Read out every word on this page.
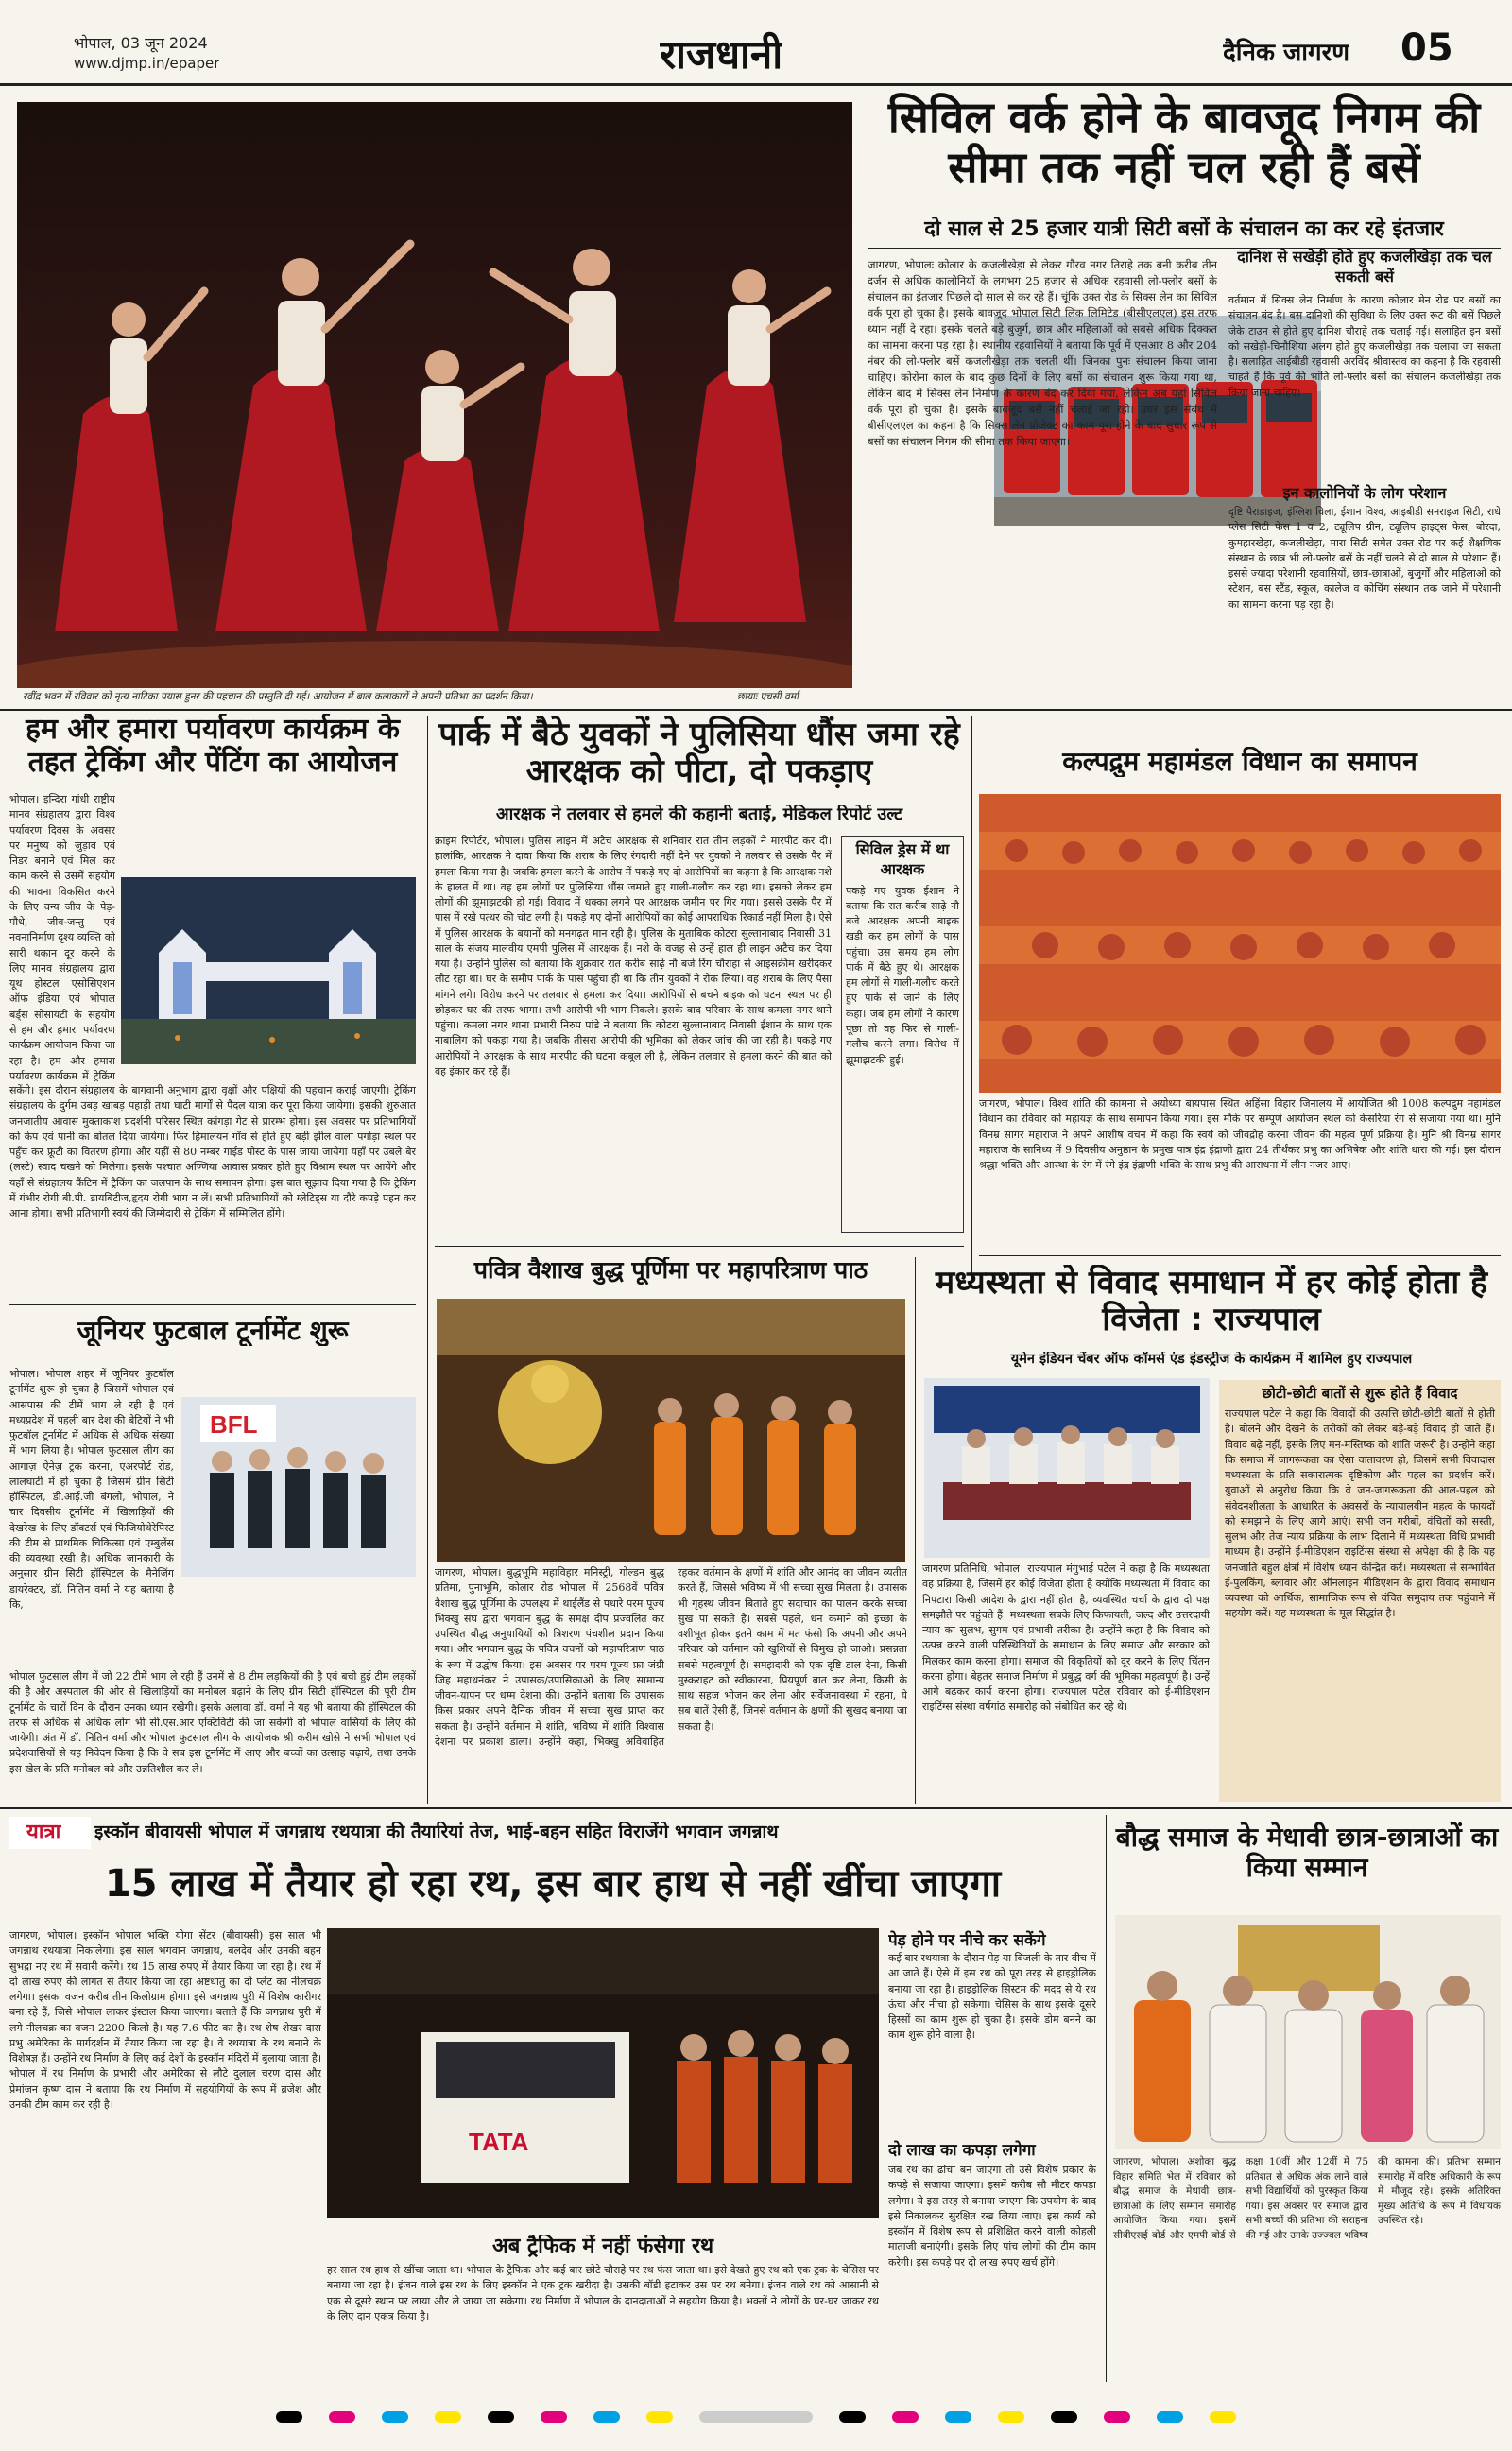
भोपाल, 03 जून 2024
www.djmp.in/epaper	राजधानी	दैनिक जागरण 05
रवींद्र भवन में रविवार को नृत्य नाटिका प्रयास हुनर की पहचान की प्रस्तुति दी गई। आयोजन में बाल कलाकारों ने अपनी प्रतिभा का प्रदर्शन किया।	छायाः एचसी वर्मा
सिविल वर्क होने के बावजूद निगम की सीमा तक नहीं चल रही हैं बसें
दो साल से 25 हजार यात्री सिटी बसों के संचालन का कर रहे इंतजार
जागरण, भोपालः कोलार के कजलीखेड़ा से लेकर गौरव नगर तिराहे तक बनी करीब तीन दर्जन से अधिक कालोनियों के लगभग 25 हजार से अधिक रहवासी लो-फ्लोर बसों के संचालन का इंतजार पिछले दो साल से कर रहे हैं। चूंकि उक्त रोड के सिक्स लेन का सिविल वर्क पूरा हो चुका है। इसके बावजूद भोपाल सिटी लिंक लिमिटेड (बीसीएलएल) इस तरफ ध्यान नहीं दे रहा। इसके चलते बड़े बुजुर्ग, छात्र और महिलाओं को सबसे अधिक दिक्कत का सामना करना पड़ रहा है। स्थानीय रहवासियों ने बताया कि पूर्व में एसआर 8 और 204 नंबर की लो-फ्लोर बसें कजलीखेड़ा तक चलती थीं। जिनका पुनः संचालन किया जाना चाहिए। कोरोना काल के बाद कुछ दिनों के लिए बसों का संचालन शुरू किया गया था, लेकिन बाद में सिक्स लेन निर्माण के कारण बंद कर दिया गया, लेकिन अब यहां सिविल वर्क पूरा हो चुका है। इसके बावजूद बसें नहीं चलाई जा रही। उधर इस संबंध में बीसीएलएल का कहना है कि सिक्स लेन प्रोजेक्ट का काम पूरा होने के बाद सुधार रूप से बसों का संचालन निगम की सीमा तक किया जाएगा।
दानिश से सखेड़ी होते हुए कजलीखेड़ा तक चल सकती बसें
वर्तमान में सिक्स लेन निर्माण के कारण कोलार मेन रोड पर बसों का संचालन बंद है। बस दानिशों की सुविधा के लिए उक्त रूट की बसें पिछले जेके टाउन से होते हुए दानिश चौराहे तक चलाई गई। सलाहित इन बसों को सखेड़ी-चिनौशिया अलग होते हुए कजलीखेड़ा तक चलाया जा सकता है। सलाहित आईबीडी रहवासी अरविंद श्रीवास्तव का कहना है कि रहवासी चाहते हैं कि पूर्व की भांति लो-फ्लोर बसों का संचालन कजलीखेड़ा तक किया जाना चाहिए।
इन कालोनियों के लोग परेशान
दृष्टि पैराडाइज, इंग्लिश विला, ईशान विश्व, आइबीडी सनराइज सिटी, राधे प्लेस सिटी फेस 1 व 2, ट्यूलिप ग्रीन, ट्यूलिप हाइट्स फेस, बोरदा, कुमहारखेड़ा, कजलीखेड़ा, मारा सिटी समेत उक्त रोड पर कई शैक्षणिक संस्थान के छात्र भी लो-फ्लोर बसें के नहीं चलने से दो साल से परेशान हैं। इससे ज्यादा परेशानी रहवासियों, छात्र-छात्राओं, बुजुर्गों और महिलाओं को स्टेशन, बस स्टैंड, स्कूल, कालेज व कोचिंग संस्थान तक जाने में परेशानी का सामना करना पड़ रहा है।
हम और हमारा पर्यावरण कार्यक्रम के तहत ट्रेकिंग और पेंटिंग का आयोजन
भोपाल। इन्दिरा गांधी राष्ट्रीय मानव संग्रहालय द्वारा विश्व पर्यावरण दिवस के अवसर पर मनुष्य को जुड़ाव एवं निडर बनाने एवं मिल कर काम करने से उसमें सहयोग की भावना विकसित करने के लिए वन्य जीव के पेड़-पौधे, जीव-जन्तु एवं नवनानिर्माण दृश्य व्यक्ति को सारी थकान दूर करने के लिए मानव संग्रहालय द्वारा यूथ होस्टल एसोसिएशन ऑफ इंडिया एवं भोपाल बर्ड्स सोसायटी के सहयोग से हम और हमारा पर्यावरण कार्यक्रम आयोजन किया जा रहा है। हम और हमारा पर्यावरण कार्यक्रम में ट्रेकिंग
सकेंगे। इस दौरान संग्रहालय के बागवानी अनुभाग द्वारा वृक्षों और पक्षियों की पहचान कराई जाएगी। ट्रेकिंग संग्रहालय के दुर्गम उबड़ खाबड़ पहाड़ी तथा घाटी मार्गों से पैदल यात्रा कर पूरा किया जायेगा। इसकी शुरुआत जनजातीय आवास मुक्ताकाश प्रदर्शनी परिसर स्थित कांगड़ा गेट से प्रारम्भ होगा। इस अवसर पर प्रतिभागियों को केप एवं पानी का बोतल दिया जायेगा। फिर हिमालयन गाँव से होते हुए बड़ी झील वाला पगोड़ा स्थल पर पहुँच कर फ्रूटी का वितरण होगा। और यहीं से 80 नम्बर गाईड पोस्ट के पास जाया जायेगा यहाँ पर उबले बेर (लस्टे) स्वाद चखने को मिलेगा। इसके पश्चात अण्णिया आवास प्रकार होते हुए विश्राम स्थल पर आयेंगे और यहाँ से संग्रहालय कैंटिन में ट्रैकिंग का जलपान के साथ समापन होगा। इस बात सूझाव दिया गया है कि ट्रेकिंग में गंभीर रोगी बी.पी. डायबिटीज,हृदय रोगी भाग न लें। सभी प्रतिभागियों को ग्लेटिड्स या दौरे कपड़े पहन कर आना होगा। सभी प्रतिभागी स्वयं की जिम्मेदारी से ट्रेकिंग में सम्मिलित होंगे।
जूनियर फुटबाल टूर्नामेंट शुरू
BFL
भोपाल। भोपाल शहर में जूनियर फुटबॉल टूर्नामेंट शुरू हो चुका है जिसमें भोपाल एवं आसपास की टीमें भाग ले रही है एवं मध्यप्रदेश में पहली बार देश की बेटियों ने भी फुटबॉल टूर्नामेंट में अधिक से अधिक संख्या में भाग लिया है। भोपाल फुटसाल लीग का आगाज़ ऐनेज़ ट्रक करना, एअरपोर्ट रोड, लालघाटी में हो चुका है जिसमें ग्रीन सिटी हॉस्पिटल, डी.आई.जी बंगलो, भोपाल, ने चार दिवसीय टूर्नामेंट में खिलाड़ियों की देखरेख के लिए डॉक्टर्स एवं फिजियोथेरेपिस्ट की टीम से प्राथमिक चिकित्सा एवं एम्बुलेंस की व्यवस्था रखी है। अधिक जानकारी के अनुसार ग्रीन सिटी हॉस्पिटल के मैनेजिंग डायरेक्टर, डॉ. नितिन वर्मा ने यह बताया है कि,
भोपाल फुटसाल लीग में जो 22 टीमें भाग ले रही हैं उनमें से 8 टीम लड़कियों की है एवं बची हुई टीम लड़कों की है और अस्पताल की ओर से खिलाड़ियों का मनोबल बढ़ाने के लिए ग्रीन सिटी हॉस्पिटल की पूरी टीम टूर्नामेंट के चारों दिन के दौरान उनका ध्यान रखेगी। इसके अलावा डॉ. वर्मा ने यह भी बताया की हॉस्पिटल की तरफ से अधिक से अधिक लोग भी सी.एस.आर एक्टिविटी की जा सकेगी वो भोपाल वासियों के लिए की जायेगी। अंत में डॉ. नितिन वर्मा और भोपाल फुटसाल लीग के आयोजक श्री करीम खोसे ने सभी भोपाल एवं प्रदेशवासियों से यह निवेदन किया है कि वे सब इस टूर्नामेंट में आए और बच्चों का उत्साह बढ़ाये, तथा उनके इस खेल के प्रति मनोबल को और उन्नतिशील कर ले।
पार्क में बैठे युवकों ने पुलिसिया धौंस जमा रहे आरक्षक को पीटा, दो पकड़ाए
आरक्षक ने तलवार से हमले की कहानी बताई, मेडिकल रिपोर्ट उल्ट
क्राइम रिपोर्टर, भोपाल। पुलिस लाइन में अटैच आरक्षक से शनिवार रात तीन लड़कों ने मारपीट कर दी। हालांकि, आरक्षक ने दावा किया कि शराब के लिए रंगदारी नहीं देने पर युवकों ने तलवार से उसके पैर में हमला किया गया है। जबकि हमला करने के आरोप में पकड़े गए दो आरोपियों का कहना है कि आरक्षक नशे के हालत में था। वह हम लोगों पर पुलिसिया धौंस जमाते हुए गाली-गलौच कर रहा था। इसको लेकर हम लोगों की झूमाझटकी हो गई। विवाद में धक्का लगने पर आरक्षक जमीन पर गिर गया। इससे उसके पैर में पास में रखे पत्थर की चोट लगी है। पकड़े गए दोनों आरोपियों का कोई आपराधिक रिकार्ड नहीं मिला है। ऐसे में पुलिस आरक्षक के बयानों को मनगढ़त मान रही है। पुलिस के मुताबिक कोटरा सुल्तानाबाद निवासी 31 साल के संजय मालवीय एमपी पुलिस में आरक्षक हैं। नशे के वजह से उन्हें हाल ही लाइन अटैच कर दिया गया है। उन्होंने पुलिस को बताया कि शुक्रवार रात करीब साढ़े नौ बजे रिंग चौराहा से आइसक्रीम खरीदकर लौट रहा था। घर के समीप पार्क के पास पहुंचा ही था कि तीन युवकों ने रोक लिया। वह शराब के लिए पैसा मांगने लगे। विरोध करने पर तलवार से हमला कर दिया। आरोपियों से बचने बाइक को घटना स्थल पर ही छोड़कर घर की तरफ भागा। तभी आरोपी भी भाग निकले। इसके बाद परिवार के साथ कमला नगर थाने पहुंचा। कमला नगर थाना प्रभारी निरुप पांडे ने बताया कि कोटरा सुल्तानाबाद निवासी ईशान के साथ एक नाबालिग को पकड़ा गया है। जबकि तीसरा आरोपी की भूमिका को लेकर जांच की जा रही है। पकड़े गए आरोपियों ने आरक्षक के साथ मारपीट की घटना कबूल ली है, लेकिन तलवार से हमला करने की बात को वह इंकार कर रहे हैं।
सिविल ड्रेस में था आरक्षक
पकड़े गए युवक ईशान ने बताया कि रात करीब साढ़े नौ बजे आरक्षक अपनी बाइक खड़ी कर हम लोगों के पास पहुंचा। उस समय हम लोग पार्क में बैठे हुए थे। आरक्षक हम लोगों से गाली-गलौच करते हुए पार्क से जाने के लिए कहा। जब हम लोगों ने कारण पूछा तो वह फिर से गाली-गलौच करने लगा। विरोध में झूमाझटकी हुई।
कल्पद्रुम महामंडल विधान का समापन
जागरण, भोपाल। विश्व शांति की कामना से अयोध्या बायपास स्थित अहिंसा विहार जिनालय में आयोजित श्री 1008 कल्पद्रुम महामंडल विधान का रविवार को महायज्ञ के साथ समापन किया गया। इस मौके पर सम्पूर्ण आयोजन स्थल को केसरिया रंग से सजाया गया था। मुनि विनम्र सागर महाराज ने अपने आशीष वचन में कहा कि स्वयं को जीवद्रोह करना जीवन की महत्व पूर्ण प्रक्रिया है। मुनि श्री विनम्र सागर महाराज के सानिध्य में 9 दिवसीय अनुष्ठान के प्रमुख पात्र इंद्र इंद्राणी द्वारा 24 तीर्थंकर प्रभु का अभिषेक और शांति धारा की गई। इस दौरान श्रद्धा भक्ति और आस्था के रंग में रंगे इंद्र इंद्राणी भक्ति के साथ प्रभु की आराधना में लीन नजर आए।
पवित्र वैशाख बुद्ध पूर्णिमा पर महापरित्राण पाठ
जागरण, भोपाल। बुद्धभूमि महाविहार मनिस्ट्री, गोल्डन बुद्ध प्रतिमा, पुनाभूमि, कोलार रोड भोपाल में 2568वें पवित्र वैशाख बुद्ध पूर्णिमा के उपलक्ष्य में थाईलैंड से पधारे परम पूज्य भिक्खु संघ द्वारा भगवान बुद्ध के समक्ष दीप प्रज्वलित कर उपस्थित बौद्ध अनुयायियों को त्रिशरण पंचशील प्रदान किया गया। और भगवान बुद्ध के पवित्र वचनों को महापरित्राण पाठ के रूप में उद्घोष किया। इस अवसर पर परम पूज्य फ्रा जंग्री जिह महाथनंकर ने उपासक/उपासिकाओं के लिए सामान्य जीवन-यापन पर धम्म देशना की। उन्होंने बताया कि उपासक किस प्रकार अपने दैनिक जीवन में सच्चा सुख प्राप्त कर सकता है। उन्होंने वर्तमान में शांति, भविष्य में शांति विश्वास देशना पर प्रकाश डाला। उन्होंने कहा, भिक्खु अविवाहित रहकर वर्तमान के क्षणों में शांति और आनंद का जीवन व्यतीत करते हैं, जिससे भविष्य में भी सच्चा सुख मिलता है। उपासक भी गृहस्थ जीवन बिताते हुए सदाचार का पालन करके सच्चा सुख पा सकते है। सबसे पहले, धन कमाने को इच्छा के वशीभूत होकर इतने काम में मत फंसो कि अपनी और अपने परिवार को वर्तमान को खुशियों से विमुख हो जाओ। प्रसन्नता सबसे महत्वपूर्ण है। समझदारी को एक दृष्टि डाल देना, किसी मुस्कराहट को स्वीकारना, प्रियपूर्ण बात कर लेना, किसी के साथ सहज भोजन कर लेना और सर्वेजनावस्था में रहना, ये सब बातें ऐसी हैं, जिनसे वर्तमान के क्षणों की सुखद बनाया जा सकता है।
मध्यस्थता से विवाद समाधान में हर कोई होता है विजेता : राज्यपाल
यूमेन इंडियन चेंबर ऑफ कॉमर्स एंड इंडस्ट्रीज के कार्यक्रम में शामिल हुए राज्यपाल
जागरण प्रतिनिधि, भोपाल। राज्यपाल मंगुभाई पटेल ने कहा है कि मध्यस्थता वह प्रक्रिया है, जिसमें हर कोई विजेता होता है क्योंकि मध्यस्थता में विवाद का निपटारा किसी आदेश के द्वारा नहीं होता है, व्यवस्थित चर्चा के द्वारा दो पक्ष समझौते पर पहुंचते हैं। मध्यस्थता सबके लिए किफायती, जल्द और उत्तरदायी न्याय का सुलभ, सुगम एवं प्रभावी तरीका है। उन्होंने कहा है कि विवाद को उत्पन्न करने वाली परिस्थितियों के समाधान के लिए समाज और सरकार को मिलकर काम करना होगा। समाज की विकृतियों को दूर करने के लिए चिंतन करना होगा। बेहतर समाज निर्माण में प्रबुद्ध वर्ग की भूमिका महत्वपूर्ण है। उन्हें आगे बढ़कर कार्य करना होगा। राज्यपाल पटेल रविवार को ई-मीडिएशन राइटिंग्स संस्था वर्षगांठ समारोह को संबोधित कर रहे थे।
छोटी-छोटी बातों से शुरू होते हैं विवाद
राज्यपाल पटेल ने कहा कि विवादों की उत्पत्ति छोटी-छोटी बातों से होती है। बोलने और देखने के तरीकों को लेकर बड़े-बड़े विवाद हो जाते हैं। विवाद बढ़े नहीं, इसके लिए मन-मस्तिष्क को शांति जरूरी है। उन्होंने कहा कि समाज में जागरूकता का ऐसा वातावरण हो, जिसमें सभी विवादास मध्यस्थता के प्रति सकारात्मक दृष्टिकोण और पहल का प्रदर्शन करें। युवाओं से अनुरोध किया कि वे जन-जागरूकता की आल-पहल को संवेदनशीलता के आधारित के अवसरों के न्यायालयीन महत्व के फायदों को समझाने के लिए आगे आएं। सभी जन गरीबों, वंचितों को सस्ती, सुलभ और तेज न्याय प्रक्रिया के लाभ दिलाने में मध्यस्थता विधि प्रभावी माध्यम है। उन्होंने ई-मीडिएशन राइटिंग्स संस्था से अपेक्षा की है कि यह जनजाति बहुल क्षेत्रों में विशेष ध्यान केन्द्रित करें। मध्यस्थता से सम्भावित ई-पुलकिंग, ब्लावार और ऑनलाइन मीडिएशन के द्वारा विवाद समाधान व्यवस्था को आर्थिक, सामाजिक रूप से वंचित समुदाय तक पहुंचाने में सहयोग करें। यह मध्यस्थता के मूल सिद्धांत है।
यात्रा	इस्कॉन बीवायसी भोपाल में जगन्नाथ रथयात्रा की तैयारियां तेज, भाई-बहन सहित विराजेंगे भगवान जगन्नाथ
15 लाख में तैयार हो रहा रथ, इस बार हाथ से नहीं खींचा जाएगा
जागरण, भोपाल। इस्कॉन भोपाल भक्ति योगा सेंटर (बीवायसी) इस साल भी जगन्नाथ रथयात्रा निकालेगा। इस साल भगवान जगन्नाथ, बलदेव और उनकी बहन सुभद्रा नए रथ में सवारी करेंगे। रथ 15 लाख रुपए में तैयार किया जा रहा है। रथ में दो लाख रुपए की लागत से तैयार किया जा रहा अष्टधातु का दो प्लेट का नीलचक्र लगेगा। इसका वजन करीब तीन किलोग्राम होगा। इसे जगन्नाथ पुरी में विशेष कारीगर बना रहे हैं, जिसे भोपाल लाकर इंस्टाल किया जाएगा। बताते हैं कि जगन्नाथ पुरी में लगे नीलचक्र का वजन 2200 किलो है। यह 7.6 फीट का है। रथ शेष शेखर दास प्रभु अमेरिका के मार्गदर्शन में तैयार किया जा रहा है। वे रथयात्रा के रथ बनाने के विशेषज्ञ हैं। उन्होंने रथ निर्माण के लिए कई देशों के इस्कॉन मंदिरों में बुलाया जाता है। भोपाल में रथ निर्माण के प्रभारी और अमेरिका से लौटे दुलाल चरण दास और प्रेमांजन कृष्ण दास ने बताया कि रथ निर्माण में सहयोगियों के रूप में ब्रजेश और उनकी टीम काम कर रही है।
TATA
अब ट्रैफिक में नहीं फंसेगा रथ
हर साल रथ हाथ से खींचा जाता था। भोपाल के ट्रैफिक और कई बार छोटे चौराहे पर रथ फंस जाता था। इसे देखते हुए रथ को एक ट्रक के चेसिस पर बनाया जा रहा है। इंजन वाले इस रथ के लिए इस्कॉन ने एक ट्रक खरीदा है। उसकी बॉडी हटाकर उस पर रथ बनेगा। इंजन वाले रथ को आसानी से एक से दूसरे स्थान पर लाया और ले जाया जा सकेगा। रथ निर्माण में भोपाल के दानदाताओं ने सहयोग किया है। भक्तों ने लोगों के घर-घर जाकर रथ के लिए दान एकत्र किया है।
पेड़ होने पर नीचे कर सकेंगे
कई बार रथयात्रा के दौरान पेड़ या बिजली के तार बीच में आ जाते हैं। ऐसे में इस रथ को पूरा तरह से हाइड्रोलिक बनाया जा रहा है। हाइड्रोलिक सिस्टम की मदद से ये रथ ऊंचा और नीचा हो सकेगा। चेसिस के साथ इसके दूसरे हिस्सों का काम शुरू हो चुका है। इसके डोम बनने का काम शुरू होने वाला है।
दो लाख का कपड़ा लगेगा
जब रथ का ढांचा बन जाएगा तो उसे विशेष प्रकार के कपड़े से सजाया जाएगा। इसमें करीब सौ मीटर कपड़ा लगेगा। ये इस तरह से बनाया जाएगा कि उपयोग के बाद इसे निकालकर सुरक्षित रख लिया जाए। इस कार्य को इस्कॉन में विशेष रूप से प्रशिक्षित करने वाली कोहली माताजी बनाएंगी। इसके लिए पांच लोगों की टीम काम करेगी। इस कपड़े पर दो लाख रुपए खर्च होंगे।
बौद्ध समाज के मेधावी छात्र-छात्राओं का किया सम्मान
जागरण, भोपाल। अशोका बुद्ध विहार समिति भेल में रविवार को बौद्ध समाज के मेधावी छात्र-छात्राओं के लिए सम्मान समारोह आयोजित किया गया। इसमें सीबीएसई बोर्ड और एमपी बोर्ड से कक्षा 10वीं और 12वीं में 75 प्रतिशत से अधिक अंक लाने वाले सभी विद्यार्थियों को पुरस्कृत किया गया। इस अवसर पर समाज द्वारा सभी बच्चों की प्रतिभा की सराहना की गई और उनके उज्ज्वल भविष्य की कामना की। प्रतिभा सम्मान समारोह में वरिष्ठ अधिकारी के रूप में मौजूद रहे। इसके अतिरिक्त मुख्य अतिथि के रूप में विधायक उपस्थित रहे।
